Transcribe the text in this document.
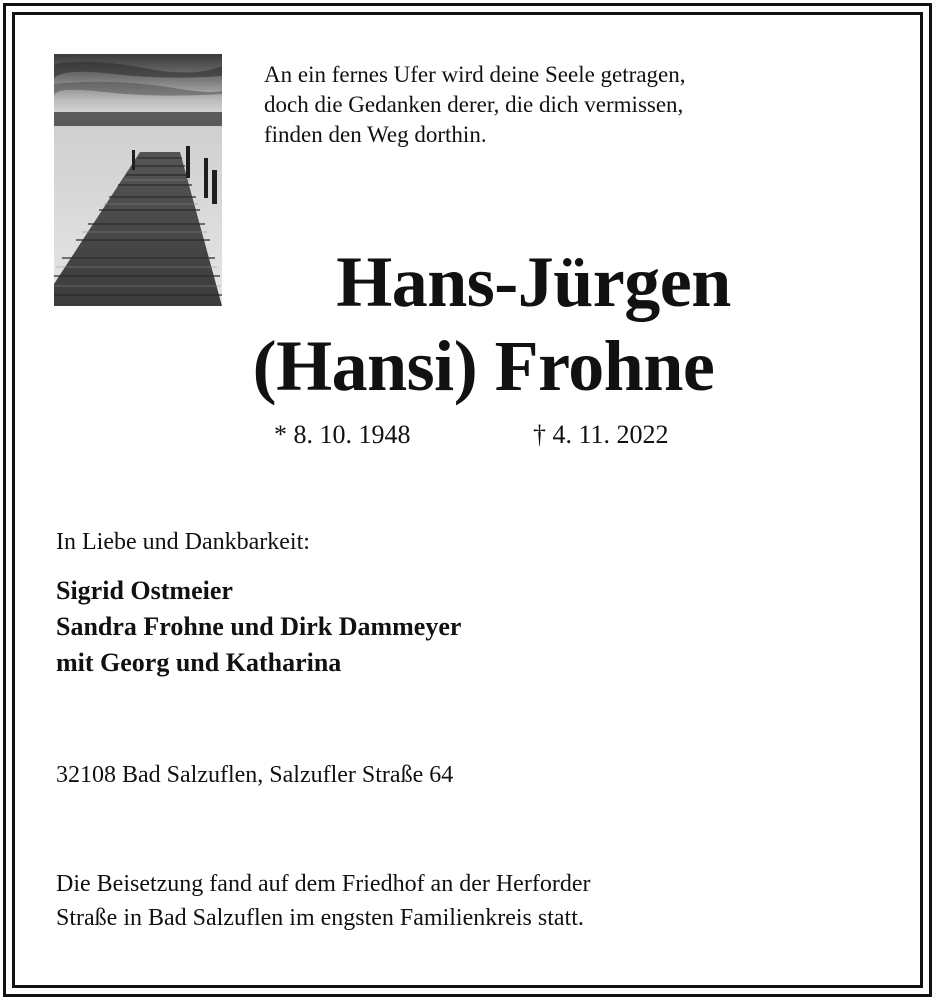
An ein fernes Ufer wird deine Seele getragen,
doch die Gedanken derer, die dich vermissen,
finden den Weg dorthin.
Hans-Jürgen
(Hansi) Frohne
* 8. 10. 1948	† 4. 11. 2022
In Liebe und Dankbarkeit:
Sigrid Ostmeier
Sandra Frohne und Dirk Dammeyer
mit Georg und Katharina
32108 Bad Salzuflen, Salzufler Straße 64
Die Beisetzung fand auf dem Friedhof an der Herforder
Straße in Bad Salzuflen im engsten Familienkreis statt.
